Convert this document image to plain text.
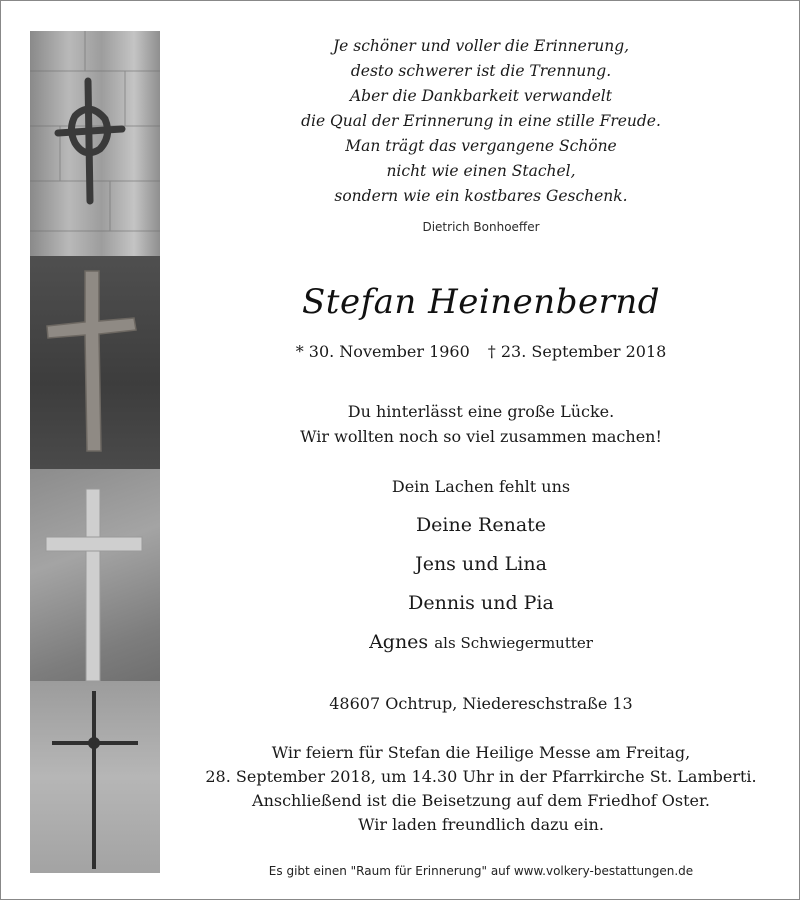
Je schöner und voller die Erinnerung,
desto schwerer ist die Trennung.
Aber die Dankbarkeit verwandelt
die Qual der Erinnerung in eine stille Freude.
Man trägt das vergangene Schöne
nicht wie einen Stachel,
sondern wie ein kostbares Geschenk.
Dietrich Bonhoeffer
Stefan Heinenbernd
* 30. November 1960 † 23. September 2018
Du hinterlässt eine große Lücke.
Wir wollten noch so viel zusammen machen!
Dein Lachen fehlt uns
Deine Renate
Jens und Lina
Dennis und Pia
Agnes als Schwiegermutter
48607 Ochtrup, Niedereschstraße 13
Wir feiern für Stefan die Heilige Messe am Freitag,
28. September 2018, um 14.30 Uhr in der Pfarrkirche St. Lamberti.
Anschließend ist die Beisetzung auf dem Friedhof Oster.
Wir laden freundlich dazu ein.
Es gibt einen "Raum für Erinnerung" auf www.volkery-bestattungen.de
